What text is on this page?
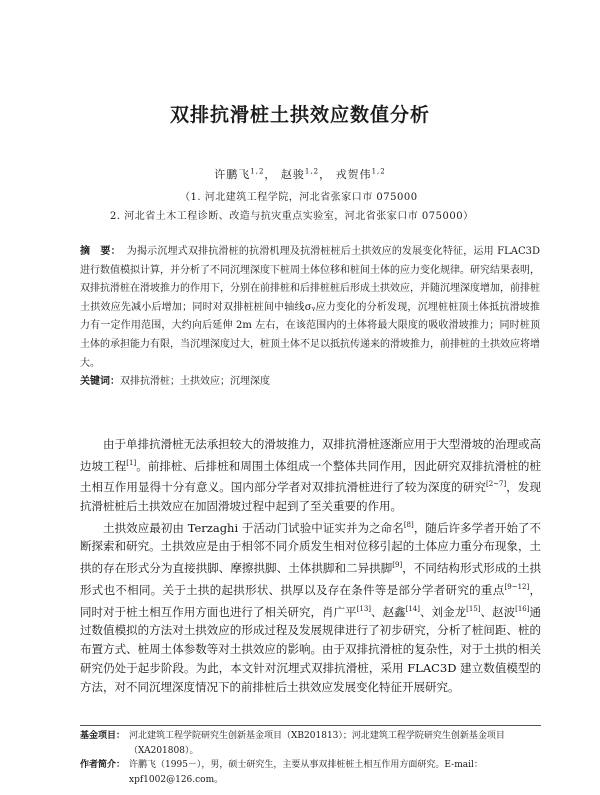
双排抗滑桩土拱效应数值分析
许鹏飞$^{1,2}$， 赵骏$^{1,2}$， 戎贺伟$^{1,2}$
（1. 河北建筑工程学院，河北省张家口市 075000
2. 河北省土木工程诊断、改造与抗灾重点实验室，河北省张家口市 075000）
摘　要： 为揭示沉埋式双排抗滑桩的抗滑机理及抗滑桩桩后土拱效应的发展变化特征，运用 FLAC3D 进行数值模拟计算，并分析了不同沉埋深度下桩周土体位移和桩间土体的应力变化规律。研究结果表明，双排抗滑桩在滑坡推力的作用下，分别在前排桩和后排桩桩后形成土拱效应，并随沉埋深度增加，前排桩土拱效应先减小后增加；同时对双排桩桩间中轴线σᵧ应力变化的分析发现，沉埋桩桩顶土体抵抗滑坡推力有一定作用范围，大约向后延伸 2m 左右，在该范围内的土体将最大限度的吸收滑坡推力；同时桩顶土体的承担能力有限，当沉埋深度过大，桩顶土体不足以抵抗传递来的滑坡推力，前排桩的土拱效应将增大。
关键词：双排抗滑桩；土拱效应；沉埋深度

由于单排抗滑桩无法承担较大的滑坡推力，双排抗滑桩逐渐应用于大型滑坡的治理或高边坡工程[1]。前排桩、后排桩和周围土体组成一个整体共同作用，因此研究双排抗滑桩的桩土相互作用显得十分有意义。国内部分学者对双排抗滑桩进行了较为深度的研究[2~7]，发现抗滑桩桩后土拱效应在加固滑坡过程中起到了至关重要的作用。

土拱效应最初由 Terzaghi 于活动门试验中证实并为之命名[8]，随后许多学者开始了不断探索和研究。土拱效应是由于相邻不同介质发生相对位移引起的土体应力重分布现象，土拱的存在形式分为直接拱脚、摩擦拱脚、土体拱脚和二异拱脚[9]，不同结构形式形成的土拱形式也不相同。关于土拱的起拱形状、拱厚以及存在条件等是部分学者研究的重点[9~12]，同时对于桩土相互作用方面也进行了相关研究，肖广平[13]、赵鑫[14]、刘金龙[15]、赵波[16]通过数值模拟的方法对土拱效应的形成过程及发展规律进行了初步研究，分析了桩间距、桩的布置方式、桩周土体参数等对土拱效应的影响。由于双排抗滑桩的复杂性，对于土拱的相关研究仍处于起步阶段。为此，本文针对沉埋式双排抗滑桩，采用 FLAC3D 建立数值模型的方法，对不同沉埋深度情况下的前排桩后土拱效应发展变化特征开展研究。

基金项目： 河北建筑工程学院研究生创新基金项目（XB201813）；河北建筑工程学院研究生创新基金项目（XA201808）。
作者简介： 许鹏飞（1995－），男，硕士研究生，主要从事双排桩桩土相互作用方面研究。E-mail：xpf1002@126.com。
